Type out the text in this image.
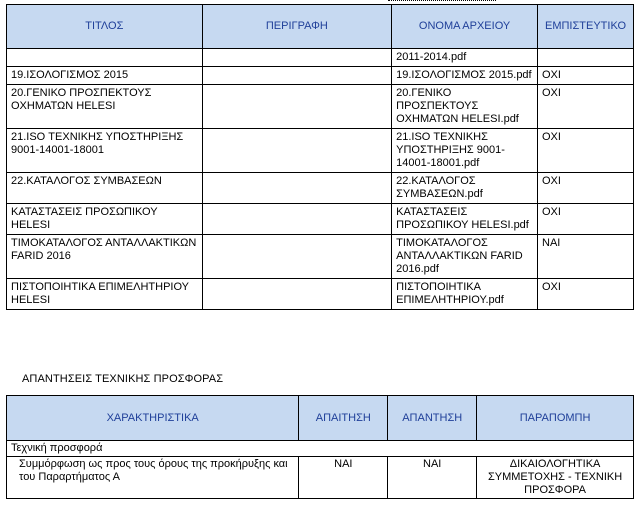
ΤΙΤΛΟΣ	ΠΕΡΙΓΡΑΦΗ	ΟΝΟΜΑ ΑΡΧΕΙΟΥ	ΕΜΠΙΣΤΕΥΤΙΚΟ
		2011-2014.pdf	
19.ΙΣΟΛΟΓΙΣΜΟΣ 2015		19.ΙΣΟΛΟΓΙΣΜΟΣ 2015.pdf	ΟΧΙ
20.ΓΕΝΙΚΟ ΠΡΟΣΠΕΚΤΟΥΣ ΟΧΗΜΑΤΩΝ HELESI		20.ΓΕΝΙΚΟ ΠΡΟΣΠΕΚΤΟΥΣ ΟΧΗΜΑΤΩΝ HELESI.pdf	ΟΧΙ
21.ISO ΤΕΧΝΙΚΗΣ ΥΠΟΣΤΗΡΙΞΗΣ 9001-14001-18001		21.ISO ΤΕΧΝΙΚΗΣ ΥΠΟΣΤΗΡΙΞΗΣ 9001-14001-18001.pdf	ΟΧΙ
22.ΚΑΤΑΛΟΓΟΣ ΣΥΜΒΑΣΕΩΝ		22.ΚΑΤΑΛΟΓΟΣ ΣΥΜΒΑΣΕΩΝ.pdf	ΟΧΙ
ΚΑΤΑΣΤΑΣΕΙΣ ΠΡΟΣΩΠΙΚΟΥ HELESI		ΚΑΤΑΣΤΑΣΕΙΣ ΠΡΟΣΩΠΙΚΟΥ HELESI.pdf	ΟΧΙ
ΤΙΜΟΚΑΤΑΛΟΓΟΣ ΑΝΤΑΛΛΑΚΤΙΚΩΝ FARID 2016		ΤΙΜΟΚΑΤΑΛΟΓΟΣ ΑΝΤΑΛΛΑΚΤΙΚΩΝ FARID 2016.pdf	ΝΑΙ
ΠΙΣΤΟΠΟΙΗΤΙΚΑ ΕΠΙΜΕΛΗΤΗΡΙΟΥ HELESI		ΠΙΣΤΟΠΟΙΗΤΙΚΑ ΕΠΙΜΕΛΗΤΗΡΙΟΥ.pdf	ΟΧΙ
ΑΠΑΝΤΗΣΕΙΣ ΤΕΧΝΙΚΗΣ ΠΡΟΣΦΟΡΑΣ
ΧΑΡΑΚΤΗΡΙΣΤΙΚΑ	ΑΠΑΙΤΗΣΗ	ΑΠΑΝΤΗΣΗ	ΠΑΡΑΠΟΜΠΗ
Τεχνική προσφορά			
Συμμόρφωση ως προς τους όρους της προκήρυξης και του Παραρτήματος Α	ΝΑΙ	ΝΑΙ	ΔΙΚΑΙΟΛΟΓΗΤΙΚΑ ΣΥΜΜΕΤΟΧΗΣ - ΤΕΧΝΙΚΗ ΠΡΟΣΦΟΡΑ
